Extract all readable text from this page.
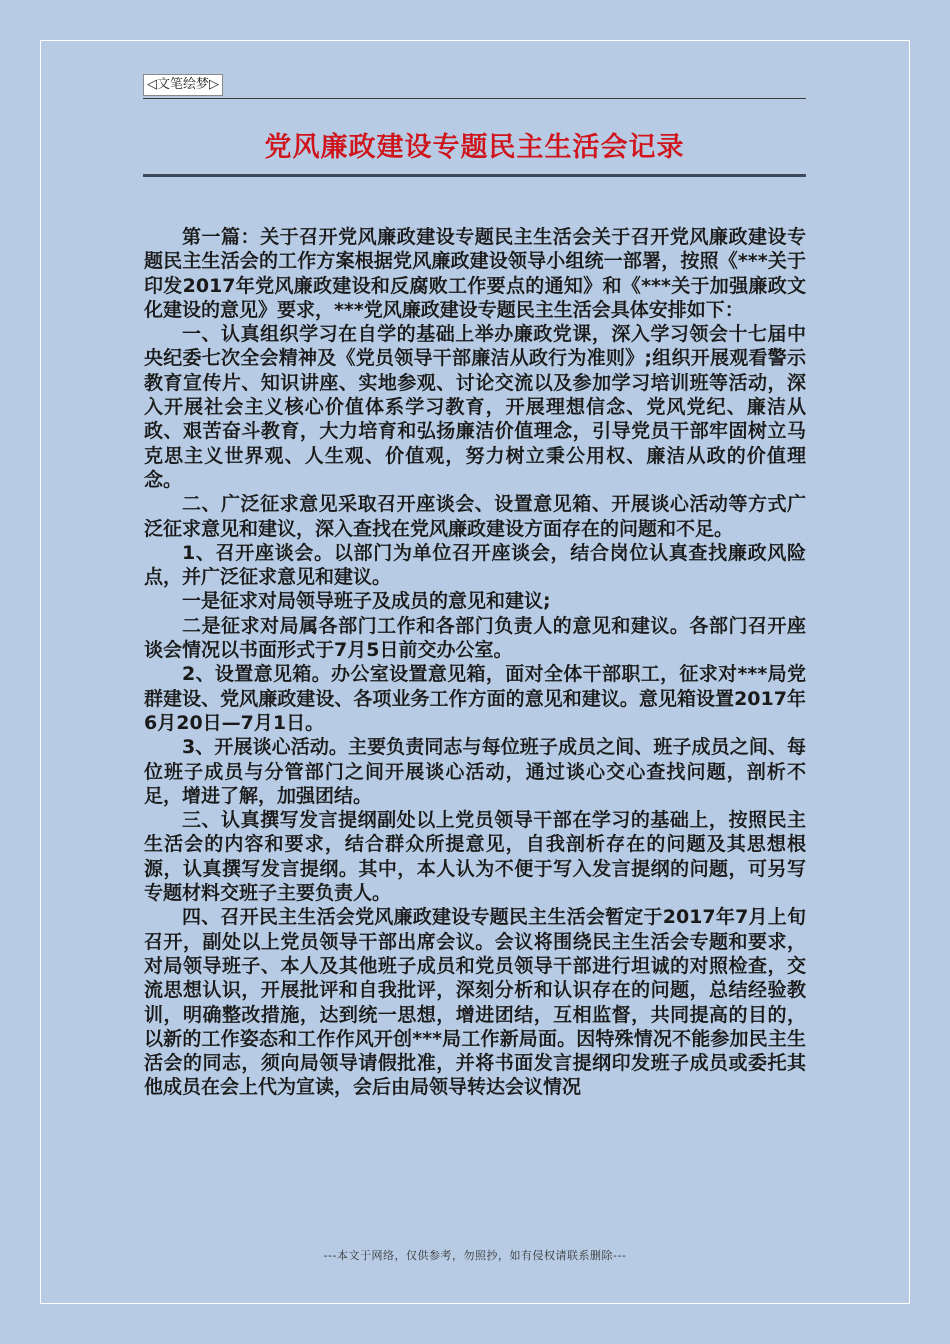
◁文笔绘梦▷
党风廉政建设专题民主生活会记录

第一篇：关于召开党风廉政建设专题民主生活会关于召开党风廉政建设专题民主生活会的工作方案根据党风廉政建设领导小组统一部署，按照《***关于印发2017年党风廉政建设和反腐败工作要点的通知》和《***关于加强廉政文化建设的意见》要求，***党风廉政建设专题民主生活会具体安排如下：

一、认真组织学习在自学的基础上举办廉政党课，深入学习领会十七届中央纪委七次全会精神及《党员领导干部廉洁从政行为准则》;组织开展观看警示教育宣传片、知识讲座、实地参观、讨论交流以及参加学习培训班等活动，深入开展社会主义核心价值体系学习教育，开展理想信念、党风党纪、廉洁从政、艰苦奋斗教育，大力培育和弘扬廉洁价值理念，引导党员干部牢固树立马克思主义世界观、人生观、价值观，努力树立秉公用权、廉洁从政的价值理念。

二、广泛征求意见采取召开座谈会、设置意见箱、开展谈心活动等方式广泛征求意见和建议，深入查找在党风廉政建设方面存在的问题和不足。

1、召开座谈会。以部门为单位召开座谈会，结合岗位认真查找廉政风险点，并广泛征求意见和建议。

一是征求对局领导班子及成员的意见和建议;

二是征求对局属各部门工作和各部门负责人的意见和建议。各部门召开座谈会情况以书面形式于7月5日前交办公室。

2、设置意见箱。办公室设置意见箱，面对全体干部职工，征求对***局党群建设、党风廉政建设、各项业务工作方面的意见和建议。意见箱设置2017年6月20日—7月1日。

3、开展谈心活动。主要负责同志与每位班子成员之间、班子成员之间、每位班子成员与分管部门之间开展谈心活动，通过谈心交心查找问题，剖析不足，增进了解，加强团结。

三、认真撰写发言提纲副处以上党员领导干部在学习的基础上，按照民主生活会的内容和要求，结合群众所提意见，自我剖析存在的问题及其思想根源，认真撰写发言提纲。其中，本人认为不便于写入发言提纲的问题，可另写专题材料交班子主要负责人。

四、召开民主生活会党风廉政建设专题民主生活会暂定于2017年7月上旬召开，副处以上党员领导干部出席会议。会议将围绕民主生活会专题和要求，对局领导班子、本人及其他班子成员和党员领导干部进行坦诚的对照检查，交流思想认识，开展批评和自我批评，深刻分析和认识存在的问题，总结经验教训，明确整改措施，达到统一思想，增进团结，互相监督，共同提高的目的，以新的工作姿态和工作作风开创***局工作新局面。因特殊情况不能参加民主生活会的同志，须向局领导请假批准，并将书面发言提纲印发班子成员或委托其他成员在会上代为宣读，会后由局领导转达会议情况

---本文于网络，仅供参考，勿照抄，如有侵权请联系删除---
